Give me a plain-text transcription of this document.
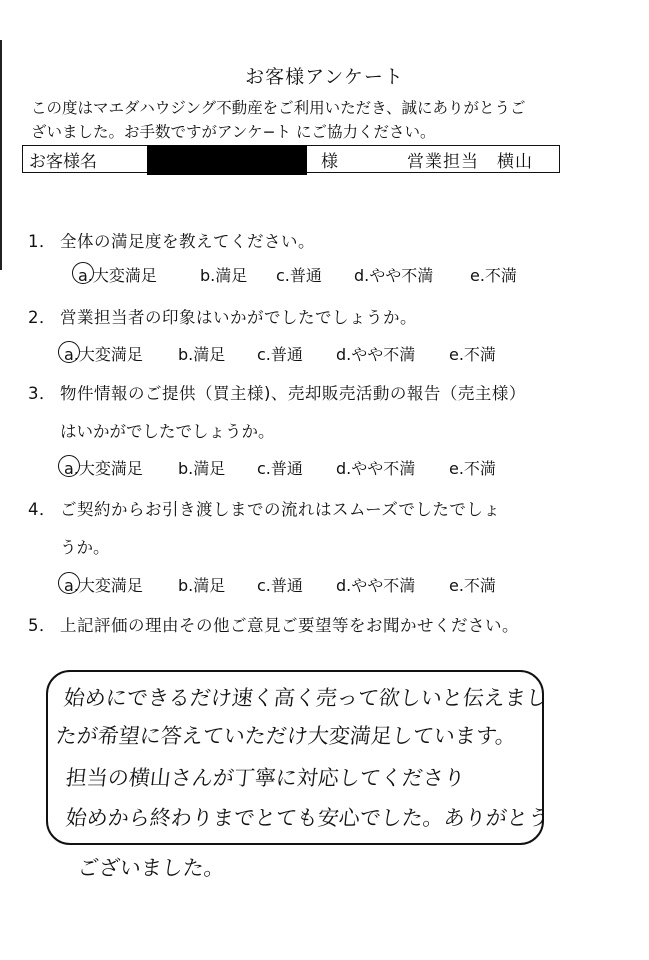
お客様アンケート
この度はマエダハウジング不動産をご利用いただき、誠にありがとうご
ざいました。お手数ですがアンケ−ト にご協力ください。
お客様名	様	営業担当　横山
1． 全体の満足度を教えてください。
a.大変満足	b.満足 c.普通 d.やや不満 e.不満
2． 営業担当者の印象はいかがでしたでしょうか。
a.大変満足 b.満足 c.普通 d.やや不満 e.不満
3． 物件情報のご提供（買主様)、売却販売活動の報告（売主様）
はいかがでしたでしょうか。
a.大変満足 b.満足 c.普通 d.やや不満 e.不満
4． ご契約からお引き渡しまでの流れはスムーズでしたでしょ
うか。
a.大変満足 b.満足 c.普通 d.やや不満 e.不満
5． 上記評価の理由その他ご意見ご要望等をお聞かせください。
始めにできるだけ速く高く売って欲しいと伝えまし
たが希望に答えていただけ大変満足しています。
担当の横山さんが丁寧に対応してくださり
始めから終わりまでとても安心でした。ありがとう
ございました。
